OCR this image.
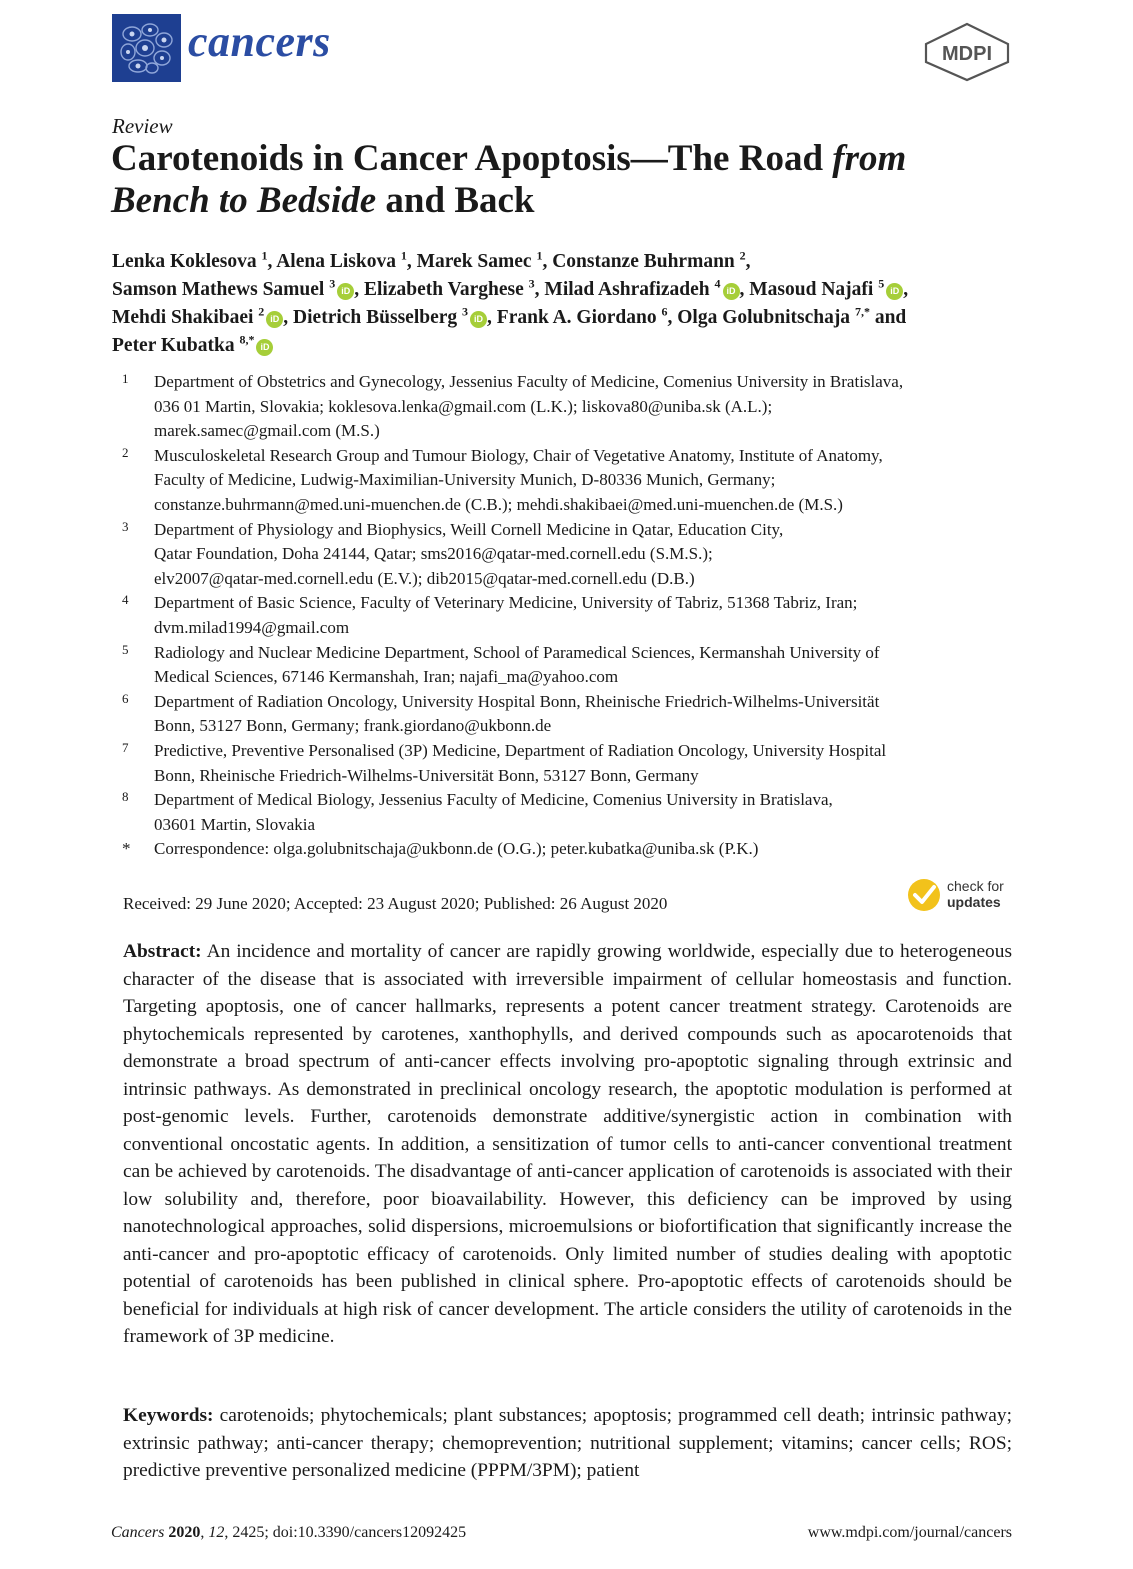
cancers	MDPI
Review
Carotenoids in Cancer Apoptosis—The Road from
Bench to Bedside and Back
Lenka Koklesova $^1$, Alena Liskova $^1$, Marek Samec $^1$, Constanze Buhrmann $^2$,
Samson Mathews Samuel $^3$iD , Elizabeth Varghese $^3$, Milad Ashrafizadeh $^4$iD , Masoud Najafi $^5$iD ,
Mehdi Shakibaei $^2$iD , Dietrich Büsselberg $^3$iD , Frank A. Giordano $^6$, Olga Golubnitschaja $^{7,*}$ and
Peter Kubatka $^{8,*}$iD
1 Department of Obstetrics and Gynecology, Jessenius Faculty of Medicine, Comenius University in Bratislava,
036 01 Martin, Slovakia; koklesova.lenka@gmail.com (L.K.); liskova80@uniba.sk (A.L.);
marek.samec@gmail.com (M.S.)
2 Musculoskeletal Research Group and Tumour Biology, Chair of Vegetative Anatomy, Institute of Anatomy,
Faculty of Medicine, Ludwig-Maximilian-University Munich, D-80336 Munich, Germany;
constanze.buhrmann@med.uni-muenchen.de (C.B.); mehdi.shakibaei@med.uni-muenchen.de (M.S.)
3 Department of Physiology and Biophysics, Weill Cornell Medicine in Qatar, Education City,
Qatar Foundation, Doha 24144, Qatar; sms2016@qatar-med.cornell.edu (S.M.S.);
elv2007@qatar-med.cornell.edu (E.V.); dib2015@qatar-med.cornell.edu (D.B.)
4 Department of Basic Science, Faculty of Veterinary Medicine, University of Tabriz, 51368 Tabriz, Iran;
dvm.milad1994@gmail.com
5 Radiology and Nuclear Medicine Department, School of Paramedical Sciences, Kermanshah University of
Medical Sciences, 67146 Kermanshah, Iran; najafi_ma@yahoo.com
6 Department of Radiation Oncology, University Hospital Bonn, Rheinische Friedrich-Wilhelms-Universität
Bonn, 53127 Bonn, Germany; frank.giordano@ukbonn.de
7 Predictive, Preventive Personalised (3P) Medicine, Department of Radiation Oncology, University Hospital
Bonn, Rheinische Friedrich-Wilhelms-Universität Bonn, 53127 Bonn, Germany
8 Department of Medical Biology, Jessenius Faculty of Medicine, Comenius University in Bratislava,
03601 Martin, Slovakia
* Correspondence: olga.golubnitschaja@ukbonn.de (O.G.); peter.kubatka@uniba.sk (P.K.)
Received: 29 June 2020; Accepted: 23 August 2020; Published: 26 August 2020
check for
updates
Abstract: An incidence and mortality of cancer are rapidly growing worldwide, especially due to heterogeneous character of the disease that is associated with irreversible impairment of cellular homeostasis and function. Targeting apoptosis, one of cancer hallmarks, represents a potent cancer treatment strategy. Carotenoids are phytochemicals represented by carotenes, xanthophylls, and derived compounds such as apocarotenoids that demonstrate a broad spectrum of anti-cancer effects involving pro-apoptotic signaling through extrinsic and intrinsic pathways. As demonstrated in preclinical oncology research, the apoptotic modulation is performed at post-genomic levels. Further, carotenoids demonstrate additive/synergistic action in combination with conventional oncostatic agents. In addition, a sensitization of tumor cells to anti-cancer conventional treatment can be achieved by carotenoids. The disadvantage of anti-cancer application of carotenoids is associated with their low solubility and, therefore, poor bioavailability. However, this deficiency can be improved by using nanotechnological approaches, solid dispersions, microemulsions or biofortification that significantly increase the anti-cancer and pro-apoptotic efficacy of carotenoids. Only limited number of studies dealing with apoptotic potential of carotenoids has been published in clinical sphere. Pro-apoptotic effects of carotenoids should be beneficial for individuals at high risk of cancer development. The article considers the utility of carotenoids in the framework of 3P medicine.
Keywords: carotenoids; phytochemicals; plant substances; apoptosis; programmed cell death; intrinsic pathway; extrinsic pathway; anti-cancer therapy; chemoprevention; nutritional supplement; vitamins; cancer cells; ROS; predictive preventive personalized medicine (PPPM/3PM); patient
Cancers 2020, 12, 2425; doi:10.3390/cancers12092425	www.mdpi.com/journal/cancers
